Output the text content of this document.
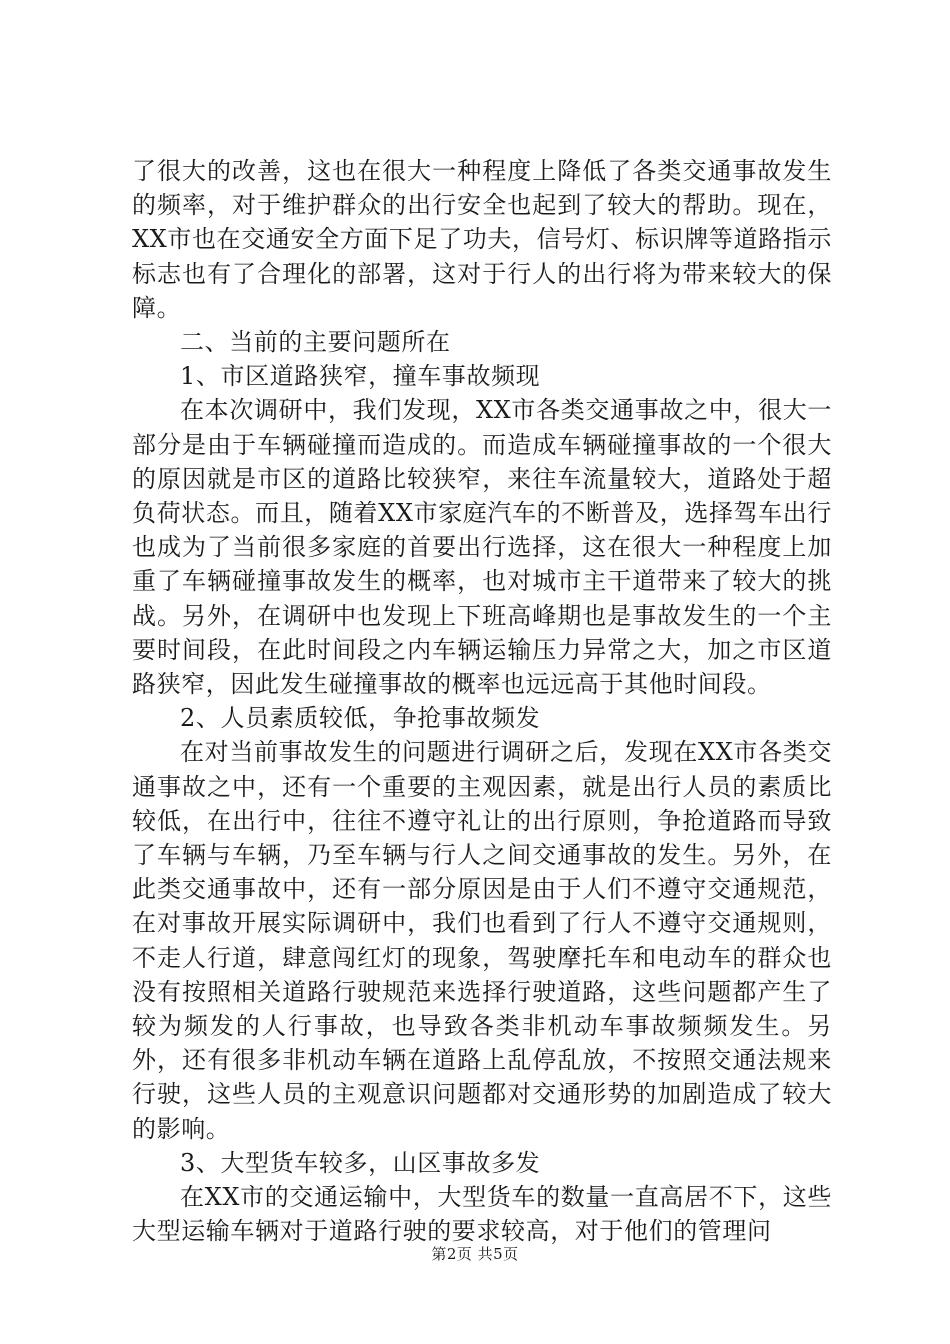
了很大的改善，这也在很大一种程度上降低了各类交通事故发生的频率，对于维护群众的出行安全也起到了较大的帮助。现在，XX市也在交通安全方面下足了功夫，信号灯、标识牌等道路指示标志也有了合理化的部署，这对于行人的出行将为带来较大的保障。

二、当前的主要问题所在

1、市区道路狭窄，撞车事故频现

在本次调研中，我们发现，XX市各类交通事故之中，很大一部分是由于车辆碰撞而造成的。而造成车辆碰撞事故的一个很大的原因就是市区的道路比较狭窄，来往车流量较大，道路处于超负荷状态。而且，随着XX市家庭汽车的不断普及，选择驾车出行也成为了当前很多家庭的首要出行选择，这在很大一种程度上加重了车辆碰撞事故发生的概率，也对城市主干道带来了较大的挑战。另外，在调研中也发现上下班高峰期也是事故发生的一个主要时间段，在此时间段之内车辆运输压力异常之大，加之市区道路狭窄，因此发生碰撞事故的概率也远远高于其他时间段。

2、人员素质较低，争抢事故频发

在对当前事故发生的问题进行调研之后，发现在XX市各类交通事故之中，还有一个重要的主观因素，就是出行人员的素质比较低，在出行中，往往不遵守礼让的出行原则，争抢道路而导致了车辆与车辆，乃至车辆与行人之间交通事故的发生。另外，在此类交通事故中，还有一部分原因是由于人们不遵守交通规范，在对事故开展实际调研中，我们也看到了行人不遵守交通规则，不走人行道，肆意闯红灯的现象，驾驶摩托车和电动车的群众也没有按照相关道路行驶规范来选择行驶道路，这些问题都产生了较为频发的人行事故，也导致各类非机动车事故频频发生。另外，还有很多非机动车辆在道路上乱停乱放，不按照交通法规来行驶，这些人员的主观意识问题都对交通形势的加剧造成了较大的影响。

3、大型货车较多，山区事故多发

在XX市的交通运输中，大型货车的数量一直高居不下，这些大型运输车辆对于道路行驶的要求较高，对于他们的管理问

第2页 共5页
